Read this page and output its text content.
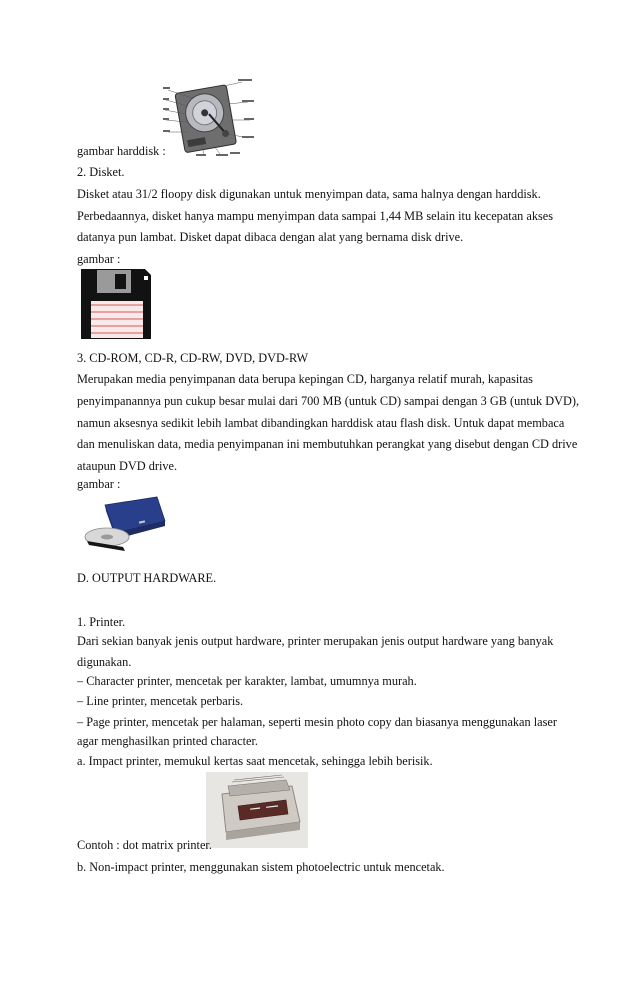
gambar harddisk :
2. Disket.
Disket atau 31/2 floopy disk digunakan untuk menyimpan data, sama halnya dengan harddisk.
Perbedaannya, disket hanya mampu menyimpan data sampai 1,44 MB selain itu kecepatan akses
datanya pun lambat. Disket dapat dibaca dengan alat yang bernama disk drive.
gambar :
3. CD-ROM, CD-R, CD-RW, DVD, DVD-RW
Merupakan media penyimpanan data berupa kepingan CD, harganya relatif murah, kapasitas
penyimpanannya pun cukup besar mulai dari 700 MB (untuk CD) sampai dengan 3 GB (untuk DVD),
namun aksesnya sedikit lebih lambat dibandingkan harddisk atau flash disk. Untuk dapat membaca
dan menuliskan data, media penyimpanan ini membutuhkan perangkat yang disebut dengan CD drive
ataupun DVD drive.
gambar :
D. OUTPUT HARDWARE.
1. Printer.
Dari sekian banyak jenis output hardware, printer merupakan jenis output hardware yang banyak
digunakan.
– Character printer, mencetak per karakter, lambat, umumnya murah.
– Line printer, mencetak perbaris.
– Page printer, mencetak per halaman, seperti mesin photo copy dan biasanya menggunakan laser
agar menghasilkan printed character.
a. Impact printer, memukul kertas saat mencetak, sehingga lebih berisik.
Contoh : dot matrix printer.
b. Non-impact printer, menggunakan sistem photoelectric untuk mencetak.
